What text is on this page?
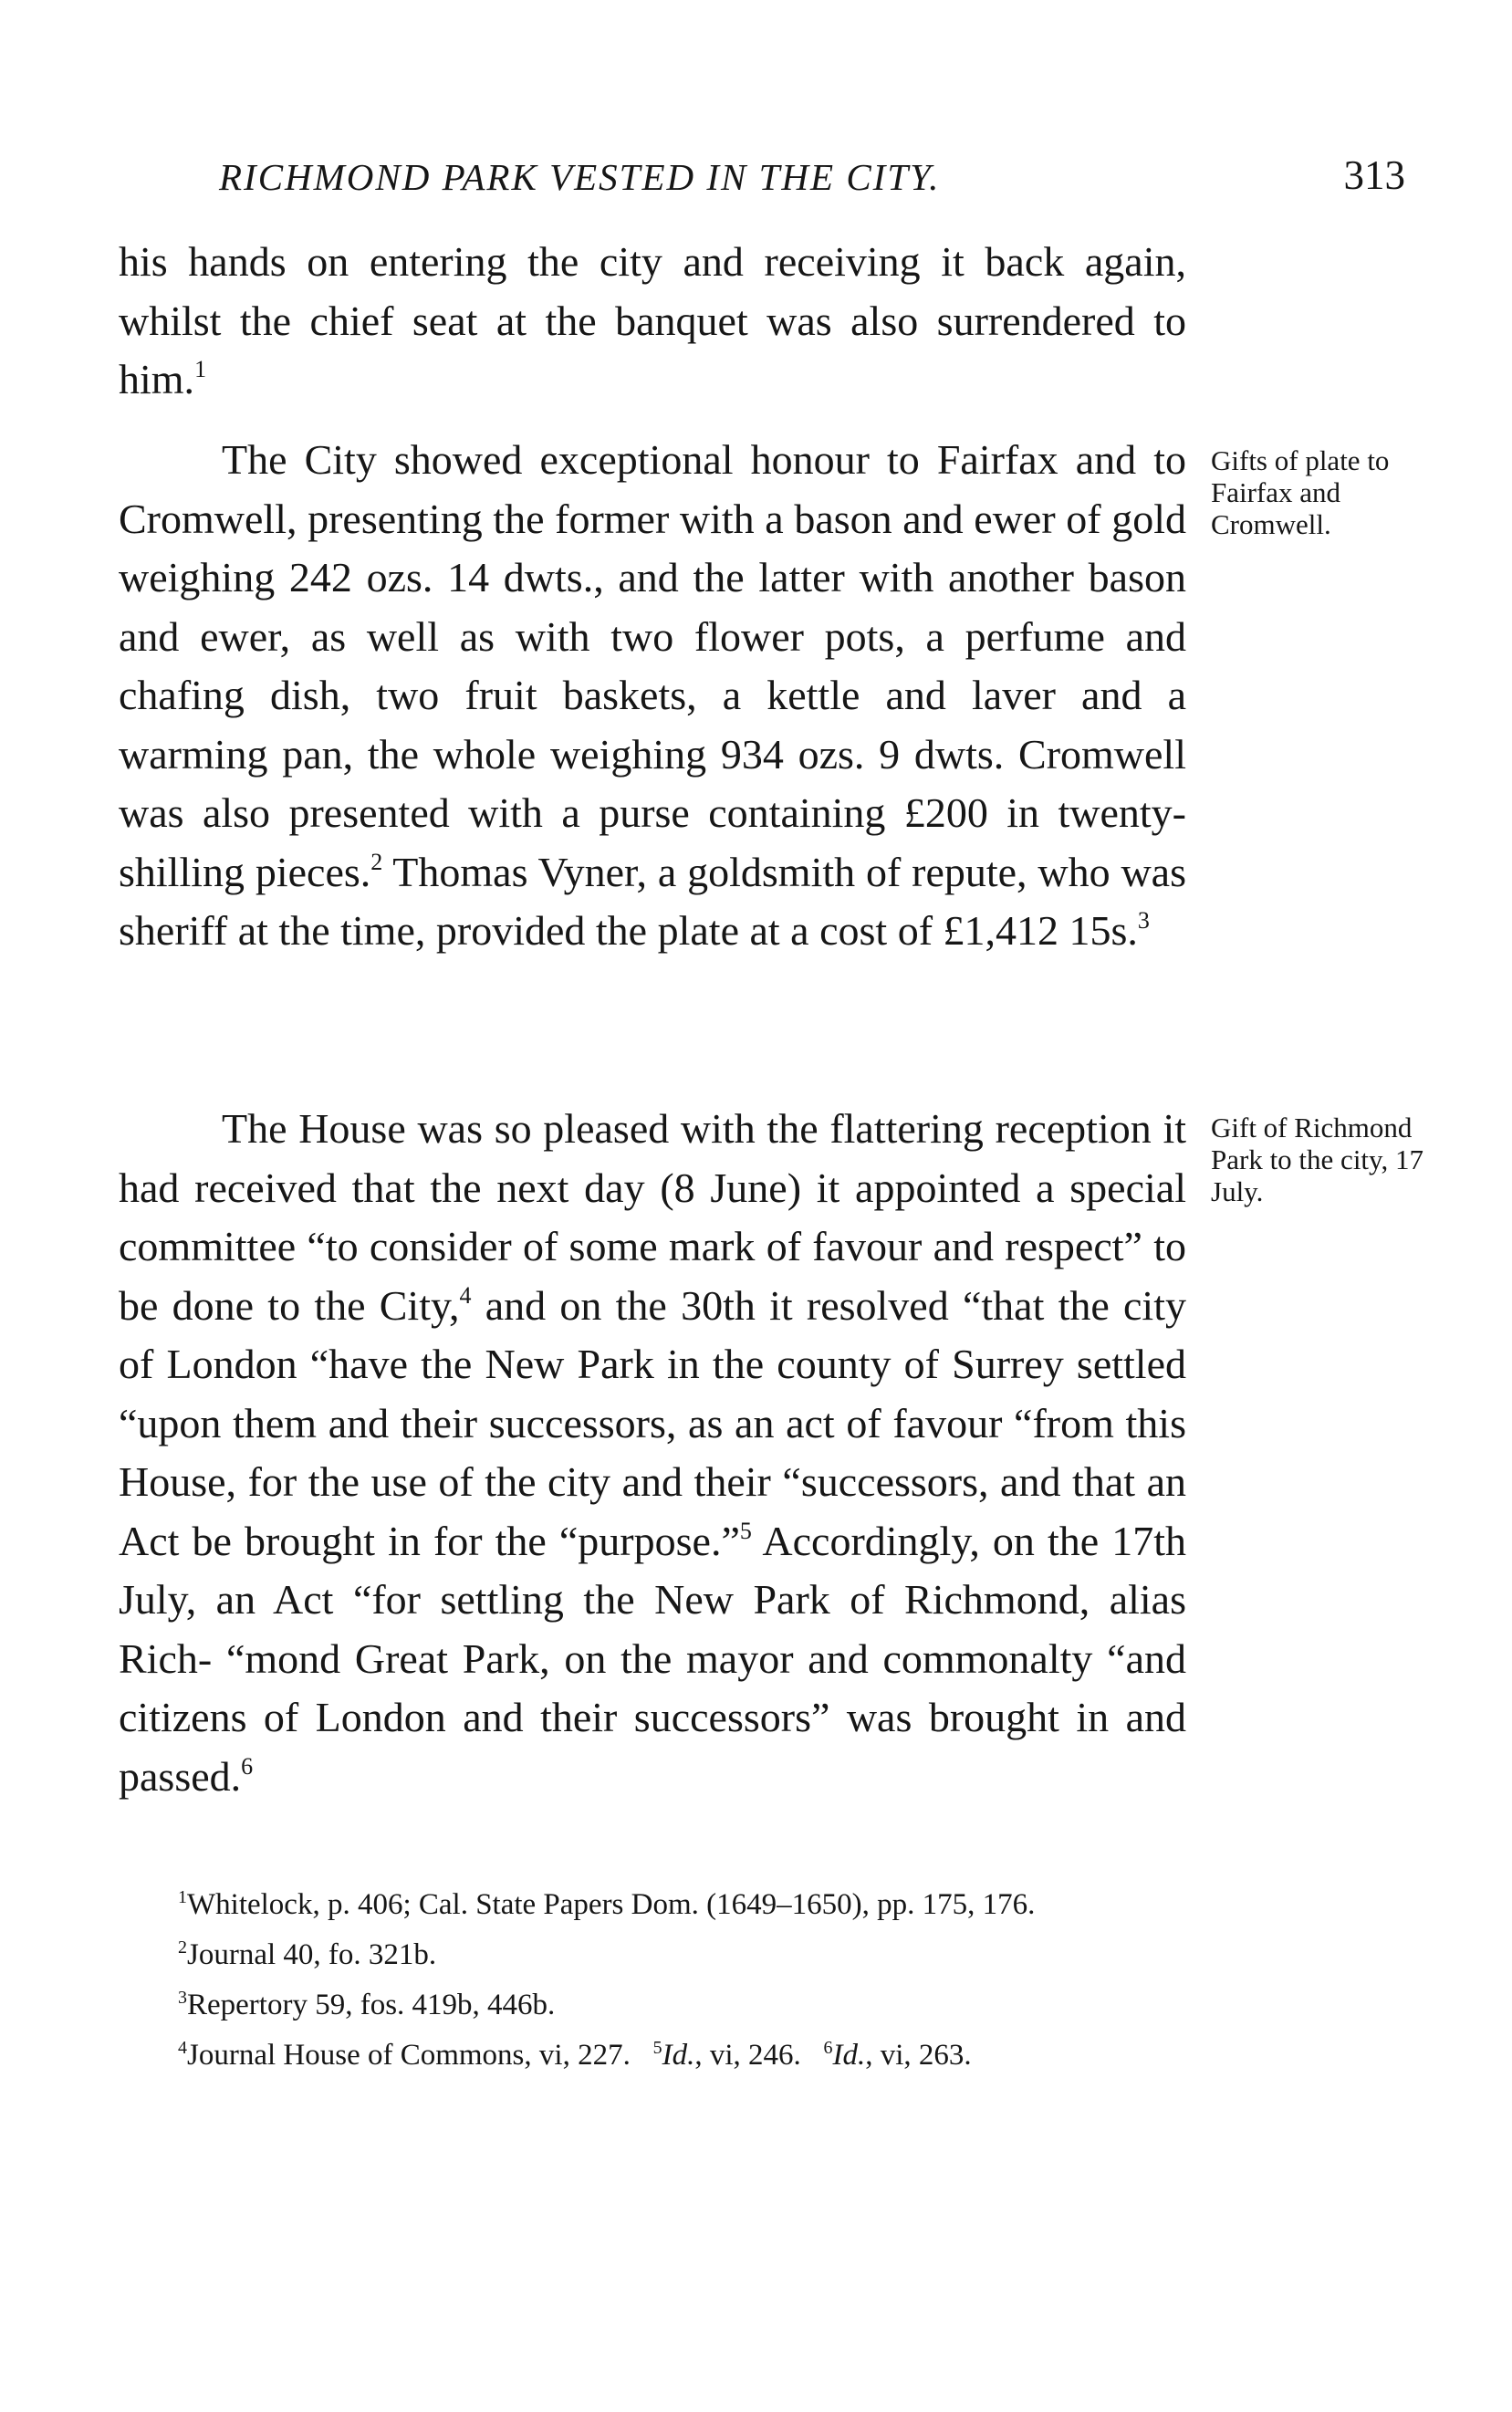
RICHMOND PARK VESTED IN THE CITY.	313

his hands on entering the city and receiving it back again, whilst the chief seat at the banquet was also surrendered to him.$^1$

The City showed exceptional honour to Fairfax and to Cromwell, presenting the former with a bason and ewer of gold weighing 242 ozs. 14 dwts., and the latter with another bason and ewer, as well as with two flower pots, a perfume and chafing dish, two fruit baskets, a kettle and laver and a warming pan, the whole weighing 934 ozs. 9 dwts. Cromwell was also presented with a purse containing £200 in twenty-shilling pieces.$^2$ Thomas Vyner, a goldsmith of repute, who was sheriff at the time, provided the plate at a cost of £1,412 15s.$^3$

Gifts of plate to Fairfax and Cromwell.

The House was so pleased with the flattering reception it had received that the next day (8 June) it appointed a special committee “to consider of some mark of favour and respect” to be done to the City,$^4$ and on the 30th it resolved “that the city of London “have the New Park in the county of Surrey settled “upon them and their successors, as an act of favour “from this House, for the use of the city and their “successors, and that an Act be brought in for the “purpose.”$^5$ Accordingly, on the 17th July, an Act “for settling the New Park of Richmond, alias Rich- “mond Great Park, on the mayor and commonalty “and citizens of London and their successors” was brought in and passed.$^6$

Gift of Richmond Park to the city, 17 July.

$^1$Whitelock, p. 406; Cal. State Papers Dom. (1649–1650), pp. 175, 176.

$^2$Journal 40, fo. 321b.

$^3$Repertory 59, fos. 419b, 446b.

$^4$Journal House of Commons, vi, 227. $^5$Id., vi, 246. $^6$Id., vi, 263.
